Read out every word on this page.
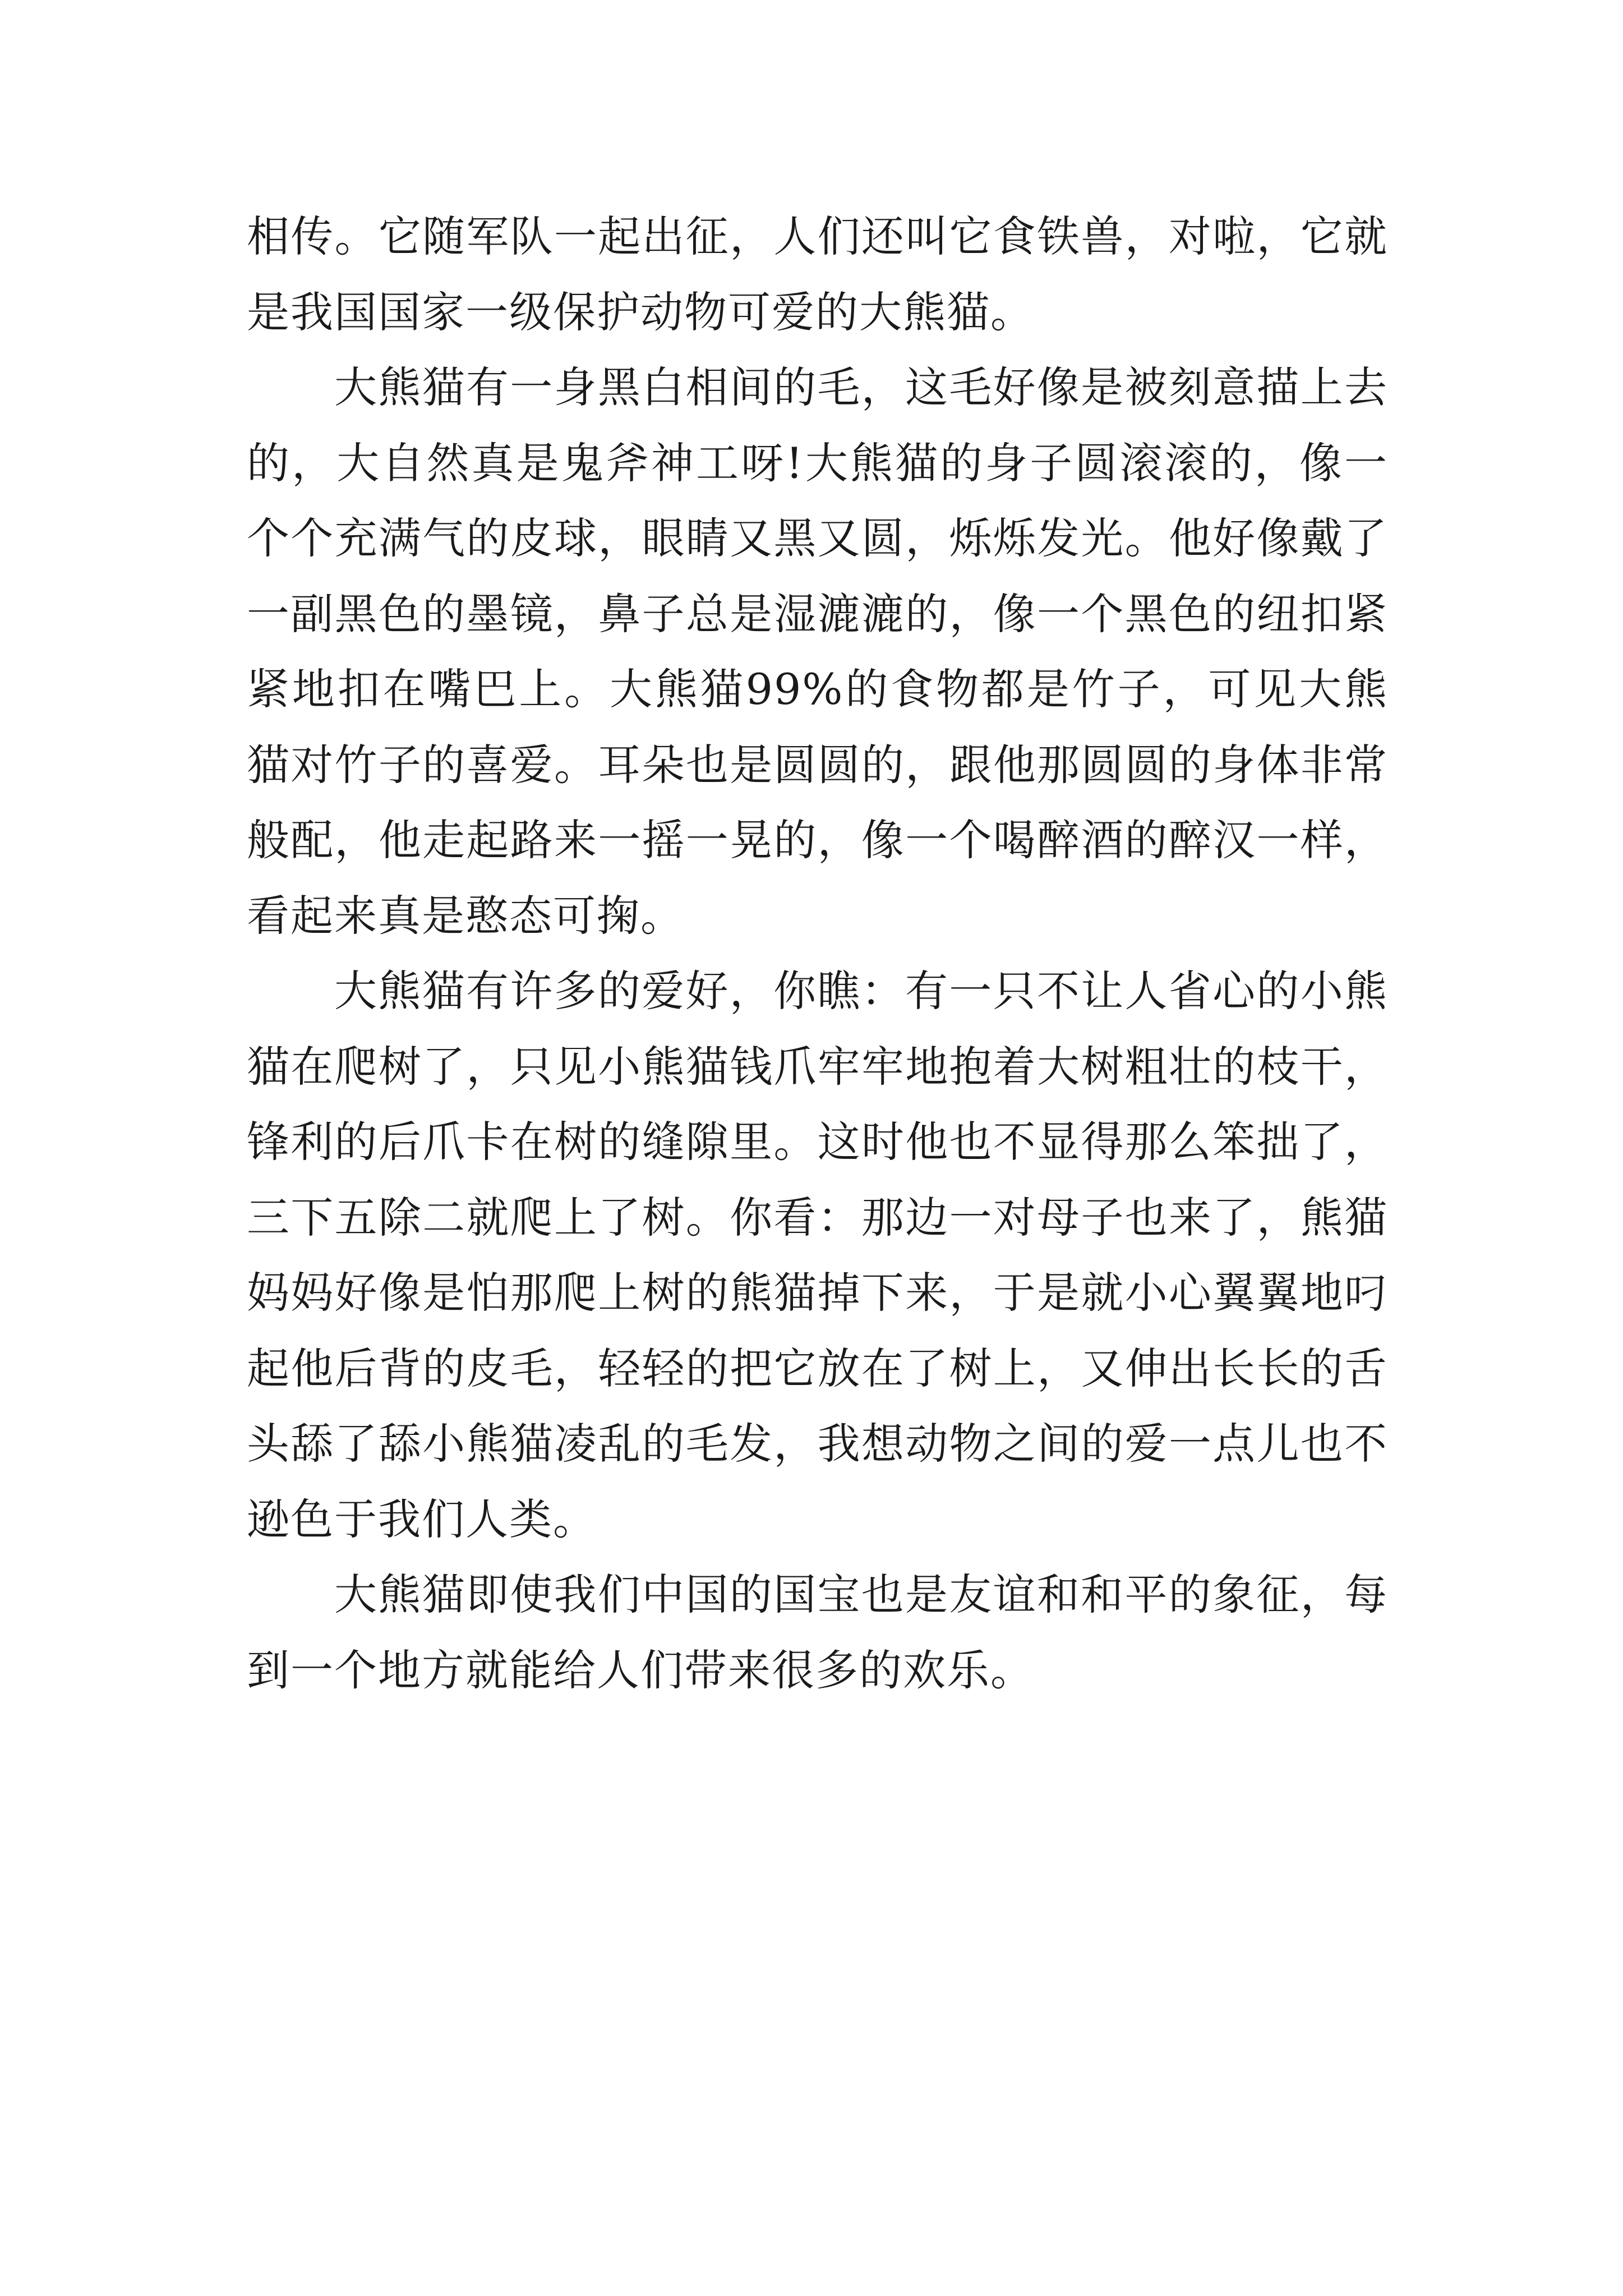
相传。它随军队一起出征，人们还叫它食铁兽，对啦，它就是我国国家一级保护动物可爱的大熊猫。

大熊猫有一身黑白相间的毛，这毛好像是被刻意描上去的，大自然真是鬼斧神工呀!大熊猫的身子圆滚滚的，像一个个充满气的皮球，眼睛又黑又圆，烁烁发光。他好像戴了一副黑色的墨镜，鼻子总是湿漉漉的，像一个黑色的纽扣紧紧地扣在嘴巴上。大熊猫99%的食物都是竹子，可见大熊猫对竹子的喜爱。耳朵也是圆圆的，跟他那圆圆的身体非常般配，他走起路来一摇一晃的，像一个喝醉酒的醉汉一样，看起来真是憨态可掬。

大熊猫有许多的爱好，你瞧：有一只不让人省心的小熊猫在爬树了，只见小熊猫钱爪牢牢地抱着大树粗壮的枝干，锋利的后爪卡在树的缝隙里。这时他也不显得那么笨拙了，三下五除二就爬上了树。你看：那边一对母子也来了，熊猫妈妈好像是怕那爬上树的熊猫掉下来，于是就小心翼翼地叼起他后背的皮毛，轻轻的把它放在了树上，又伸出长长的舌头舔了舔小熊猫凌乱的毛发，我想动物之间的爱一点儿也不逊色于我们人类。

大熊猫即使我们中国的国宝也是友谊和和平的象征，每到一个地方就能给人们带来很多的欢乐。
